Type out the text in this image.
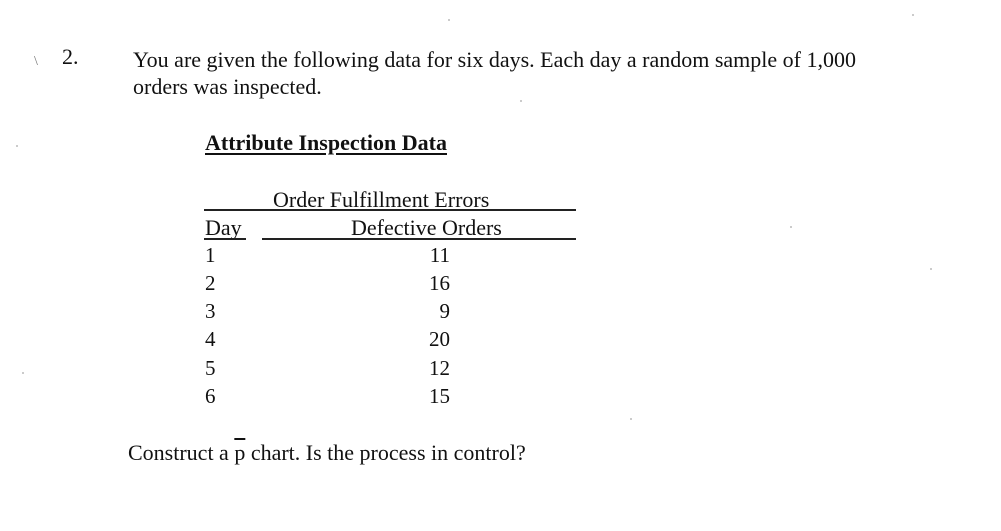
\ 2. You are given the following data for six days. Each day a random sample of 1,000
orders was inspected.
Attribute Inspection Data
Order Fulfillment Errors
Day	Defective Orders
1	11
2	16
3	9
4	20
5	12
6	15
Construct a $\overline{p}$ chart. Is the process in control?
